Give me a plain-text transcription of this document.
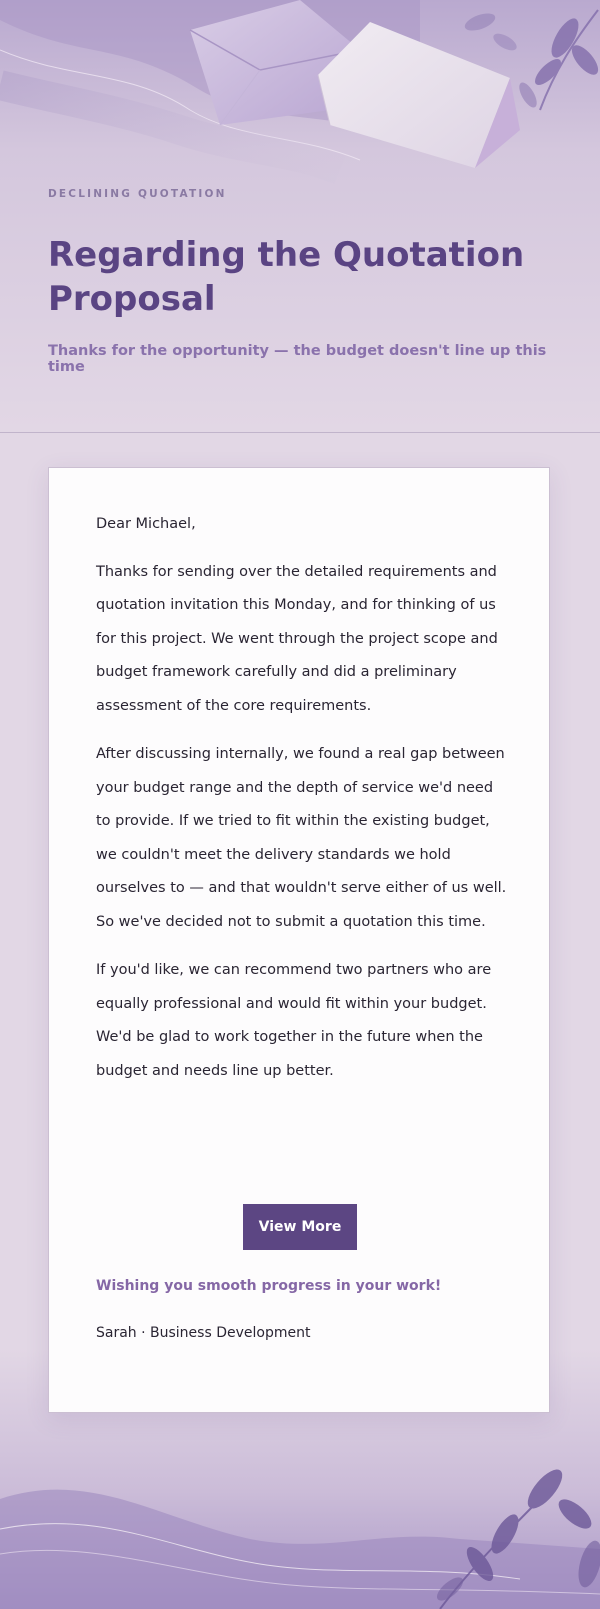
DECLINING QUOTATION

Regarding the Quotation Proposal

Thanks for the opportunity — the budget doesn't line up this time

Dear Michael,

Thanks for sending over the detailed requirements and quotation invitation this Monday, and for thinking of us for this project. We went through the project scope and budget framework carefully and did a preliminary assessment of the core requirements.

After discussing internally, we found a real gap between your budget range and the depth of service we'd need to provide. If we tried to fit within the existing budget, we couldn't meet the delivery standards we hold ourselves to — and that wouldn't serve either of us well. So we've decided not to submit a quotation this time.

If you'd like, we can recommend two partners who are equally professional and would fit within your budget. We'd be glad to work together in the future when the budget and needs line up better.

View More

Wishing you smooth progress in your work!

Sarah · Business Development
